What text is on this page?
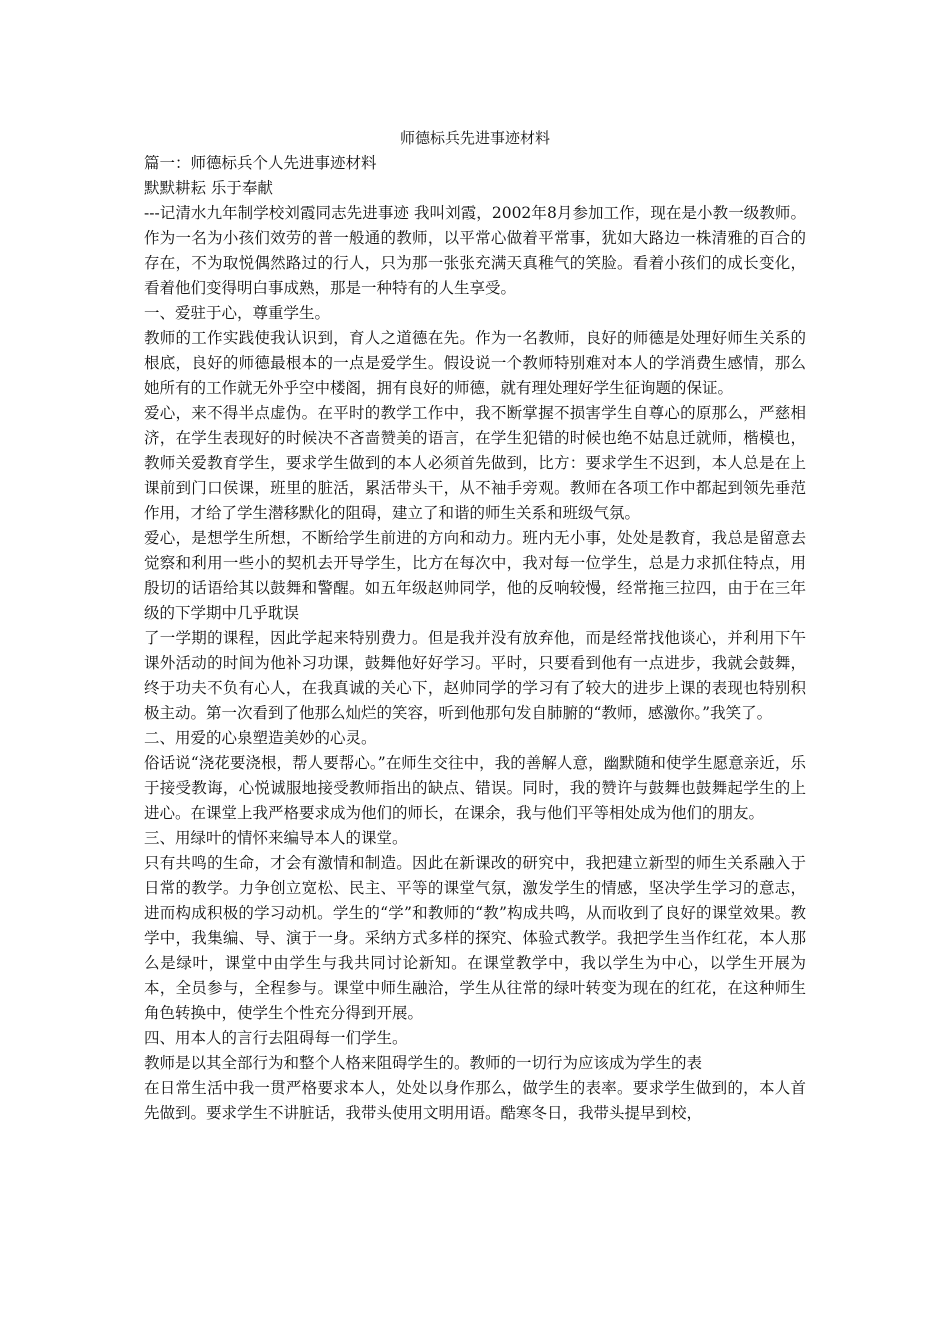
师德标兵先进事迹材料

篇一：师德标兵个人先进事迹材料

默默耕耘 乐于奉献

---记清水九年制学校刘霞同志先进事迹 我叫刘霞，2002年8月参加工作，现在是小教一级教师。作为一名为小孩们效劳的普一般通的教师，以平常心做着平常事，犹如大路边一株清雅的百合的存在，不为取悦偶然路过的行人，只为那一张张充满天真稚气的笑脸。看着小孩们的成长变化，看着他们变得明白事成熟，那是一种特有的人生享受。

一、爱驻于心，尊重学生。

教师的工作实践使我认识到，育人之道德在先。作为一名教师，良好的师德是处理好师生关系的根底，良好的师德最根本的一点是爱学生。假设说一个教师特别难对本人的学消费生感情，那么她所有的工作就无外乎空中楼阁，拥有良好的师德，就有理处理好学生征询题的保证。

爱心，来不得半点虚伪。在平时的教学工作中，我不断掌握不损害学生自尊心的原那么，严慈相济，在学生表现好的时候决不吝啬赞美的语言，在学生犯错的时候也绝不姑息迁就师，楷模也，教师关爱教育学生，要求学生做到的本人必须首先做到，比方：要求学生不迟到，本人总是在上课前到门口侯课，班里的脏活，累活带头干，从不袖手旁观。教师在各项工作中都起到领先垂范作用，才给了学生潜移默化的阻碍，建立了和谐的师生关系和班级气氛。

爱心，是想学生所想，不断给学生前进的方向和动力。班内无小事，处处是教育，我总是留意去觉察和利用一些小的契机去开导学生，比方在每次中，我对每一位学生，总是力求抓住特点，用殷切的话语给其以鼓舞和警醒。如五年级赵帅同学，他的反响较慢，经常拖三拉四，由于在三年级的下学期中几乎耽误

了一学期的课程，因此学起来特别费力。但是我并没有放弃他，而是经常找他谈心，并利用下午课外活动的时间为他补习功课，鼓舞他好好学习。平时，只要看到他有一点进步，我就会鼓舞，终于功夫不负有心人，在我真诚的关心下，赵帅同学的学习有了较大的进步上课的表现也特别积极主动。第一次看到了他那么灿烂的笑容，听到他那句发自肺腑的“教师，感激你。”我笑了。

二、用爱的心泉塑造美妙的心灵。

俗话说“浇花要浇根，帮人要帮心。”在师生交往中，我的善解人意，幽默随和使学生愿意亲近，乐于接受教诲，心悦诚服地接受教师指出的缺点、错误。同时，我的赞许与鼓舞也鼓舞起学生的上进心。在课堂上我严格要求成为他们的师长，在课余，我与他们平等相处成为他们的朋友。

三、用绿叶的情怀来编导本人的课堂。

只有共鸣的生命，才会有激情和制造。因此在新课改的研究中，我把建立新型的师生关系融入于日常的教学。力争创立宽松、民主、平等的课堂气氛，激发学生的情感，坚决学生学习的意志，进而构成积极的学习动机。学生的“学”和教师的“教”构成共鸣，从而收到了良好的课堂效果。教学中，我集编、导、演于一身。采纳方式多样的探究、体验式教学。我把学生当作红花，本人那么是绿叶，课堂中由学生与我共同讨论新知。在课堂教学中，我以学生为中心，以学生开展为本，全员参与，全程参与。课堂中师生融洽，学生从往常的绿叶转变为现在的红花，在这种师生角色转换中，使学生个性充分得到开展。

四、用本人的言行去阻碍每一们学生。

教师是以其全部行为和整个人格来阻碍学生的。教师的一切行为应该成为学生的表

在日常生活中我一贯严格要求本人，处处以身作那么，做学生的表率。要求学生做到的，本人首先做到。要求学生不讲脏话，我带头使用文明用语。酷寒冬日，我带头提早到校，
